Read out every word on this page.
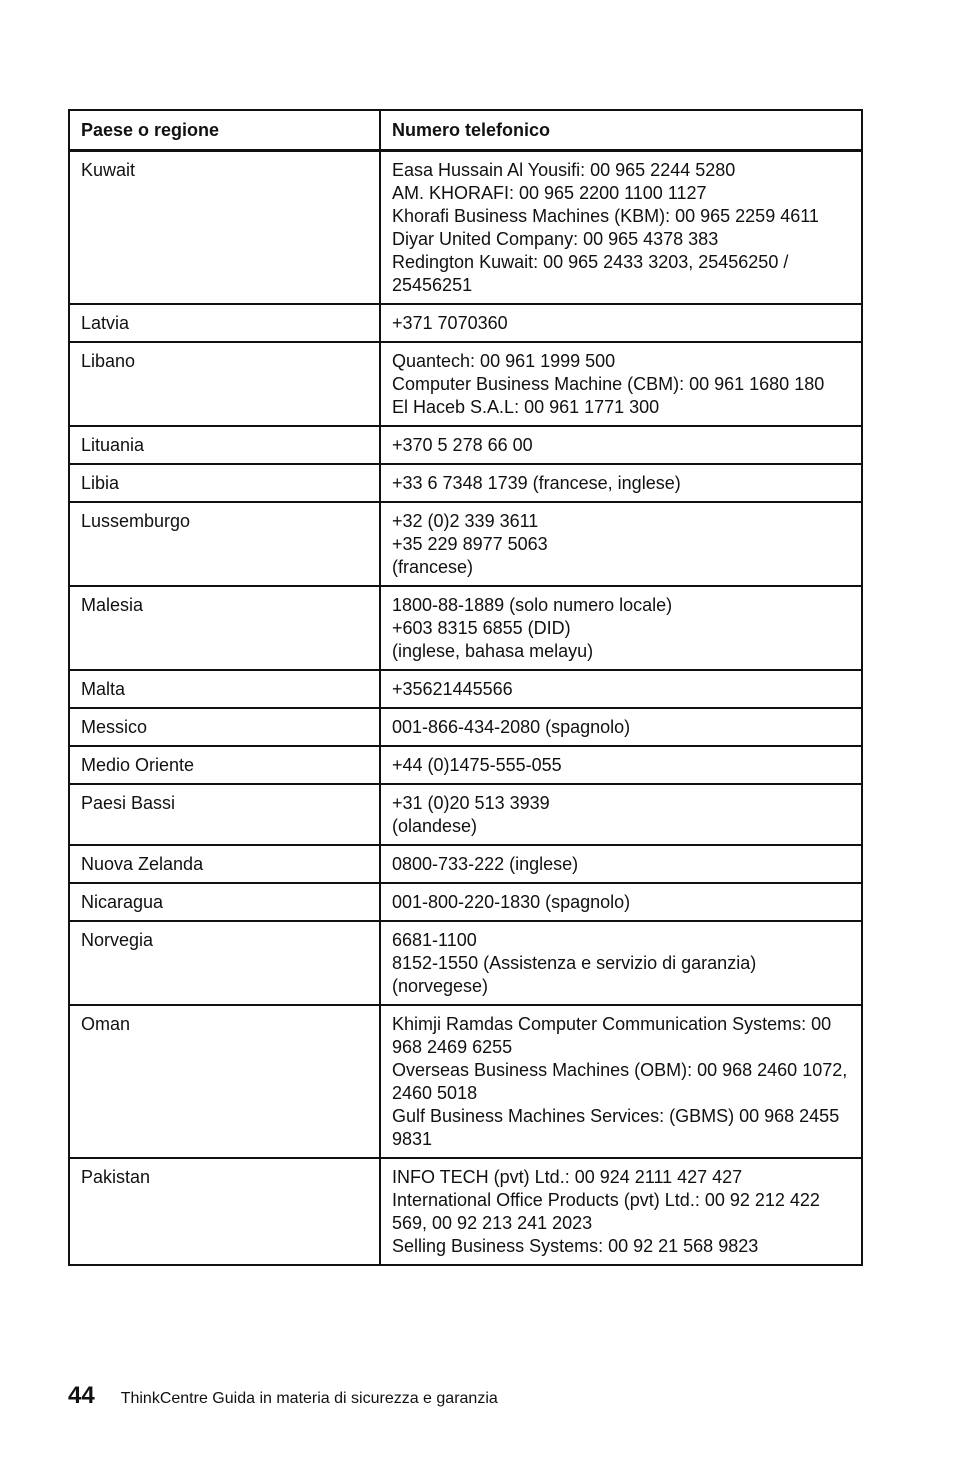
Paese o regione	Numero telefonico
Kuwait	Easa Hussain Al Yousifi: 00 965 2244 5280
AM. KHORAFI: 00 965 2200 1100 1127
Khorafi Business Machines (KBM): 00 965 2259 4611
Diyar United Company: 00 965 4378 383
Redington Kuwait: 00 965 2433 3203, 25456250 / 25456251

Latvia	+371 7070360

Libano	Quantech: 00 961 1999 500
Computer Business Machine (CBM): 00 961 1680 180
El Haceb S.A.L: 00 961 1771 300

Lituania	+370 5 278 66 00

Libia	+33 6 7348 1739 (francese, inglese)

Lussemburgo	+32 (0)2 339 3611
+35 229 8977 5063
(francese)

Malesia	1800-88-1889 (solo numero locale)
+603 8315 6855 (DID)
(inglese, bahasa melayu)

Malta	+35621445566

Messico	001-866-434-2080 (spagnolo)

Medio Oriente	+44 (0)1475-555-055

Paesi Bassi	+31 (0)20 513 3939
(olandese)

Nuova Zelanda	0800-733-222 (inglese)

Nicaragua	001-800-220-1830 (spagnolo)

Norvegia	6681-1100
8152-1550 (Assistenza e servizio di garanzia)
(norvegese)

Oman	Khimji Ramdas Computer Communication Systems: 00 968 2469 6255
Overseas Business Machines (OBM): 00 968 2460 1072, 2460 5018
Gulf Business Machines Services: (GBMS) 00 968 2455 9831

Pakistan	INFO TECH (pvt) Ltd.: 00 924 2111 427 427
International Office Products (pvt) Ltd.: 00 92 212 422 569, 00 92 213 241 2023
Selling Business Systems: 00 92 21 568 9823
44 ThinkCentre Guida in materia di sicurezza e garanzia
